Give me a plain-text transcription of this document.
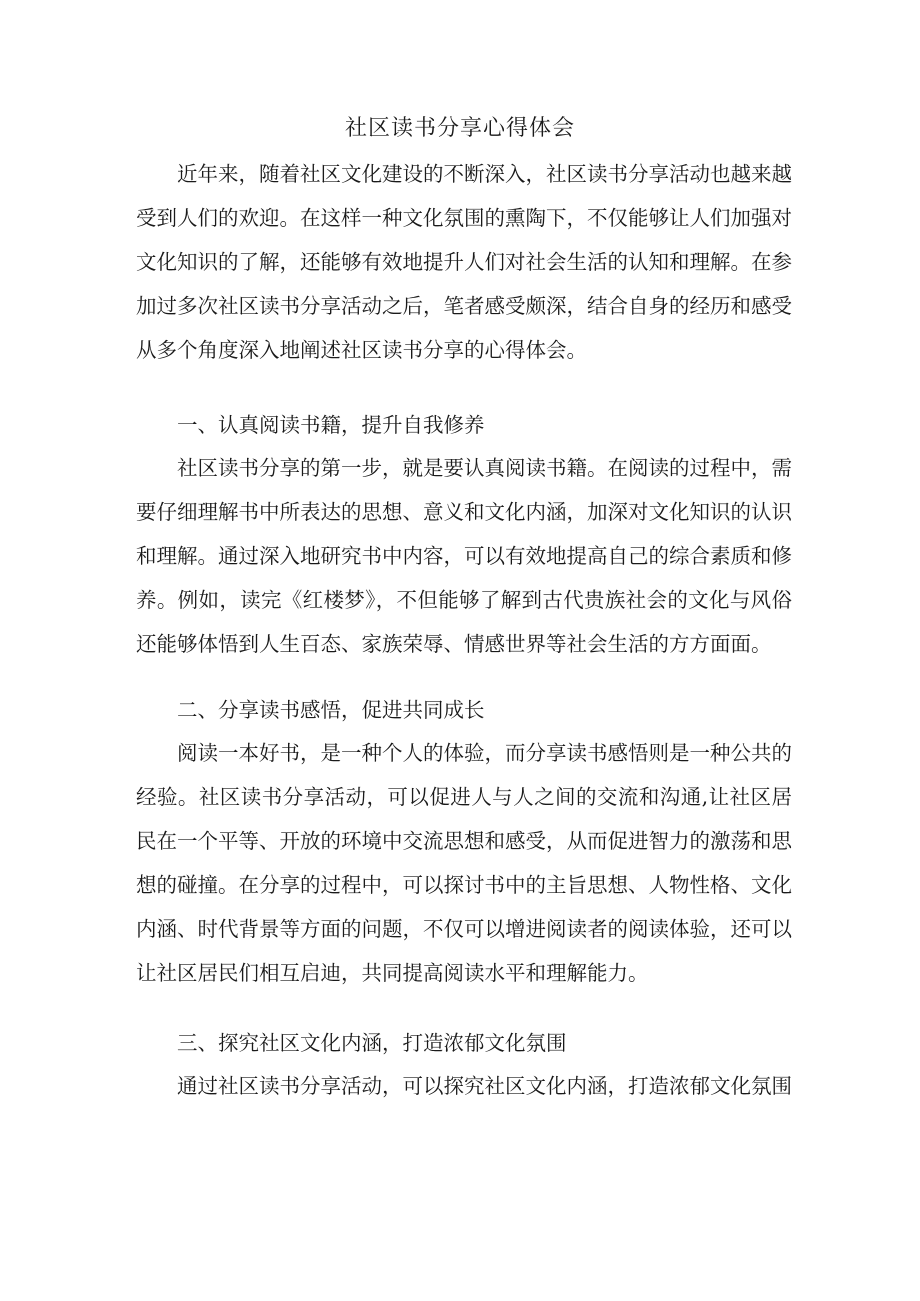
社区读书分享心得体会

近年来，随着社区文化建设的不断深入，社区读书分享活动也越来越受到人们的欢迎。在这样一种文化氛围的熏陶下，不仅能够让人们加强对文化知识的了解，还能够有效地提升人们对社会生活的认知和理解。在参加过多次社区读书分享活动之后，笔者感受颇深，结合自身的经历和感受从多个角度深入地阐述社区读书分享的心得体会。

一、认真阅读书籍，提升自我修养

社区读书分享的第一步，就是要认真阅读书籍。在阅读的过程中，需要仔细理解书中所表达的思想、意义和文化内涵，加深对文化知识的认识和理解。通过深入地研究书中内容，可以有效地提高自己的综合素质和修养。例如，读完《红楼梦》，不但能够了解到古代贵族社会的文化与风俗还能够体悟到人生百态、家族荣辱、情感世界等社会生活的方方面面。

二、分享读书感悟，促进共同成长

阅读一本好书，是一种个人的体验，而分享读书感悟则是一种公共的经验。社区读书分享活动，可以促进人与人之间的交流和沟通,让社区居民在一个平等、开放的环境中交流思想和感受，从而促进智力的激荡和思想的碰撞。在分享的过程中，可以探讨书中的主旨思想、人物性格、文化内涵、时代背景等方面的问题，不仅可以增进阅读者的阅读体验，还可以让社区居民们相互启迪，共同提高阅读水平和理解能力。

三、探究社区文化内涵，打造浓郁文化氛围

通过社区读书分享活动，可以探究社区文化内涵，打造浓郁文化氛围
